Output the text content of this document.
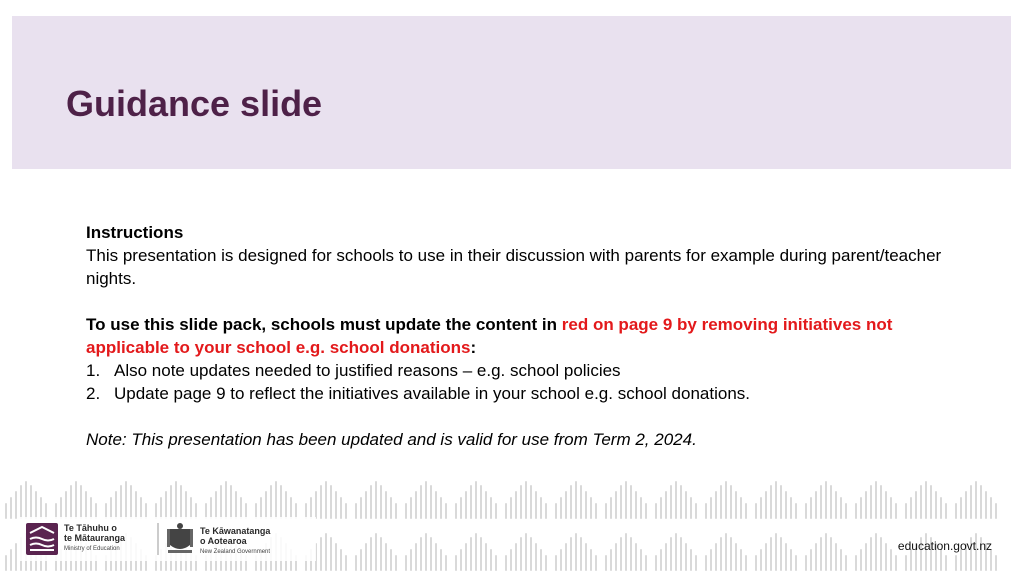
Guidance slide

Instructions

This presentation is designed for schools to use in their discussion with parents for example during parent/teacher nights.

To use this slide pack, schools must update the content in red on page 9 by removing initiatives not applicable to your school e.g. school donations:

1. Also note updates needed to justified reasons – e.g. school policies
2. Update page 9 to reflect the initiatives available in your school e.g. school donations.

Note: This presentation has been updated and is valid for use from Term 2, 2024.

Te Tāhuhu o
te Mātauranga
Ministry of Education
Te Kāwanatanga
o Aotearoa
New Zealand Government	education.govt.nz
